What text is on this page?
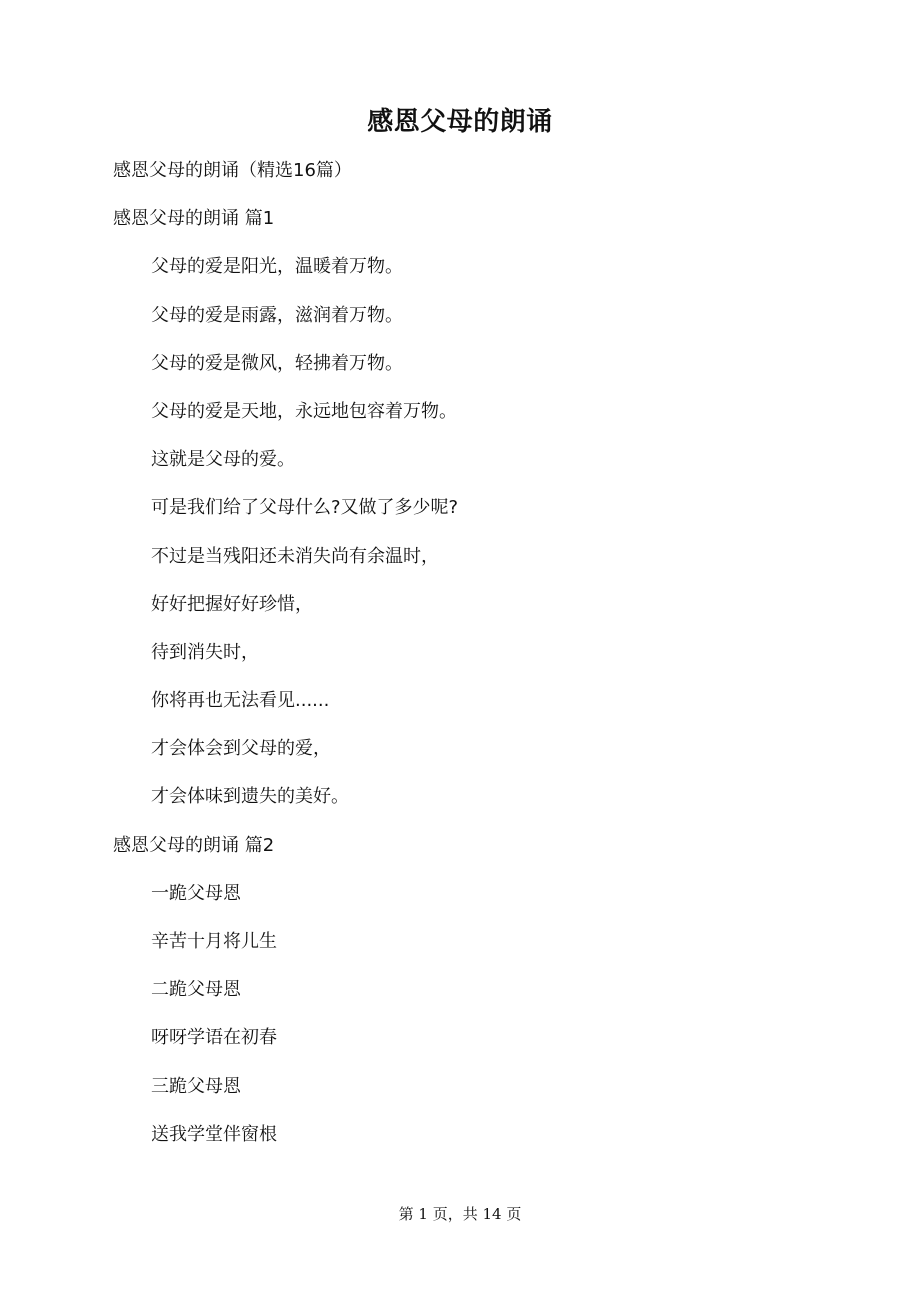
感恩父母的朗诵
感恩父母的朗诵（精选16篇）
感恩父母的朗诵 篇1
父母的爱是阳光，温暖着万物。
父母的爱是雨露，滋润着万物。
父母的爱是微风，轻拂着万物。
父母的爱是天地，永远地包容着万物。
这就是父母的爱。
可是我们给了父母什么?又做了多少呢?
不过是当残阳还未消失尚有余温时，
好好把握好好珍惜，
待到消失时，
你将再也无法看见......
才会体会到父母的爱，
才会体味到遗失的美好。
感恩父母的朗诵 篇2
一跪父母恩
辛苦十月将儿生
二跪父母恩
呀呀学语在初春
三跪父母恩
送我学堂伴窗根
第 1 页，共 14 页
